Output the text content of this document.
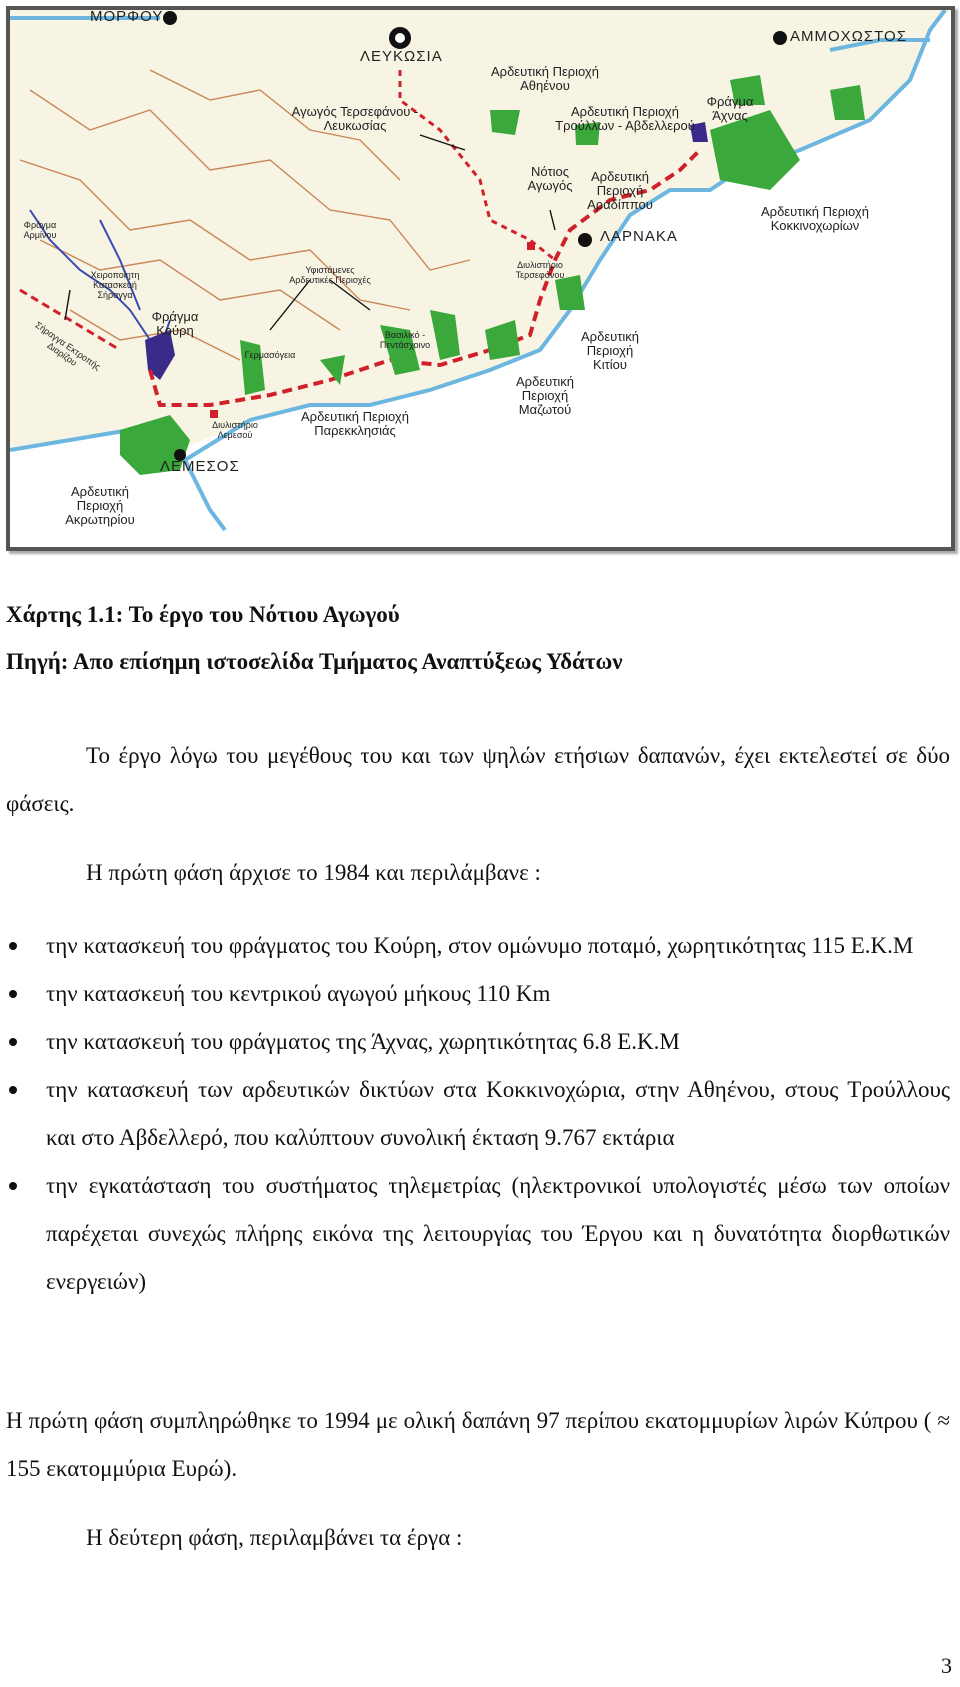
ΜΟΡΦΟΥ
ΛΕΥΚΩΣΙΑ
ΑΜΜΟΧΩΣΤΟΣ
ΛΑΡΝΑΚΑ
ΛΕΜΕΣΟΣ
Αρδευτική Περιοχή Αθηένου
Αρδευτική Περιοχή Τρούλλων - Αβδελλερού
Φράγμα Άχνας
Αγωγός Τερσεφάνου - Λευκωσίας
Νότιος Αγωγός
Αρδευτική Περιοχή Αραδίππου	Αρδευτική Περιοχή Κοκκινοχωρίων
Διυλιστήριο Τερσεφάνου
Αρδευτική Περιοχή Κιτίου
Αρδευτική Περιοχή Μαζωτού
Αρδευτική Περιοχή Παρεκκλησιάς
Διυλιστήριο Λεμεσού
Αρδευτική Περιοχή Ακρωτηρίου
Φράγμα Κούρη
Φράγμα Αρμίνου
Χειροποίητη Κατασκευή Σήραγγα
Σήραγγα Εκτροπής Διαρίζου
Υφιστάμενες Αρδευτικές Περιοχές
Γερμασόγεια
Βασιλικό - Πεντάσχοινο
Χάρτης 1.1: Το έργο του Νότιου Αγωγού
Πηγή: Απο επίσημη ιστοσελίδα Τμήματος Αναπτύξεως Υδάτων
Το έργο λόγω του μεγέθους του και των ψηλών ετήσιων δαπανών, έχει εκτελεστεί σε δύο φάσεις.
Η πρώτη φάση άρχισε το 1984 και περιλάμβανε :
την κατασκευή του φράγματος του Κούρη, στον ομώνυμο ποταμό, χωρητικότητας 115 Ε.Κ.Μ
την κατασκευή του κεντρικού αγωγού μήκους 110 Km
την κατασκευή του φράγματος της Άχνας, χωρητικότητας 6.8 Ε.Κ.Μ
την κατασκευή των αρδευτικών δικτύων στα Κοκκινοχώρια, στην Αθηένου, στους Τρούλλους και στο Αβδελλερό, που καλύπτουν συνολική έκταση 9.767 εκτάρια
την εγκατάσταση του συστήματος τηλεμετρίας (ηλεκτρονικοί υπολογιστές μέσω των οποίων παρέχεται συνεχώς πλήρης εικόνα της λειτουργίας του Έργου και η δυνατότητα διορθωτικών ενεργειών)
Η πρώτη φάση συμπληρώθηκε το 1994 με ολική δαπάνη 97 περίπου εκατομμυρίων λιρών Κύπρου ( ≈ 155 εκατομμύρια Ευρώ).
Η δεύτερη φάση, περιλαμβάνει τα έργα :
3
